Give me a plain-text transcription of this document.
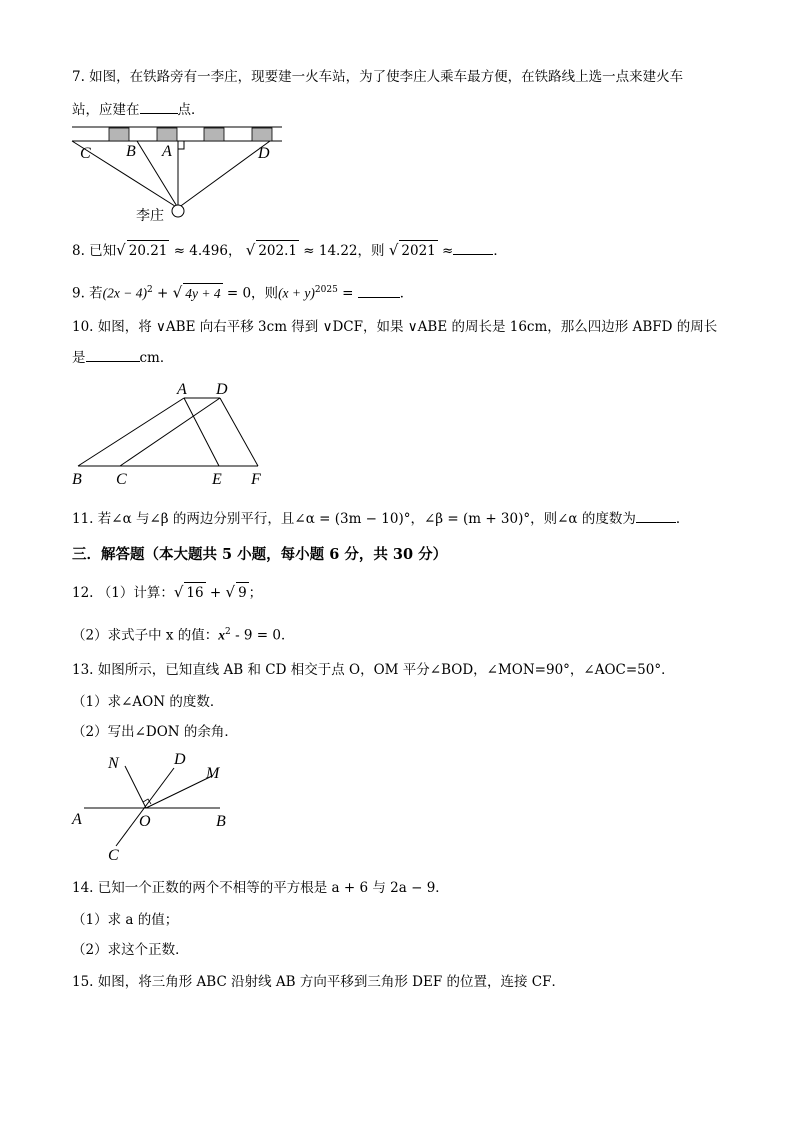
7. 如图，在铁路旁有一李庄，现要建一火车站，为了使李庄人乘车最方便，在铁路线上选一点来建火车
站，应建在	点．
C B A	D
李庄
8. 已知√ 20.21 ≈ 4.496， √ 202.1 ≈ 14.22，则 √ 2021 ≈	．
9. 若$(2x - 4)^2$ + √ 4y + 4 = 0，则$(x + y)^{2025}$ =	．
10. 如图，将 ∨ABE 向右平移 3cm 得到 ∨DCF，如果 ∨ABE 的周长是 16cm，那么四边形 ABFD 的周长
是	cm．
A D
B C	E F
11. 若∠α 与∠β 的两边分别平行，且∠α = (3m − 10)°，∠β = (m + 30)°，则∠α 的度数为	．
三．解答题（本大题共 5 小题，每小题 6 分，共 30 分）
12. （1）计算：√ 16 + √ 9 ；
（2）求式子中 x 的值：$x^2 - 9 = 0$．
13. 如图所示，已知直线 AB 和 CD 相交于点 O，OM 平分∠BOD，∠MON=90°，∠AOC=50°．
（1）求∠AON 的度数．
（2）写出∠DON 的余角．
N	D
M
A	O	B
C
14. 已知一个正数的两个不相等的平方根是 a + 6 与 2a − 9．
（1）求 a 的值；
（2）求这个正数．
15. 如图，将三角形 ABC 沿射线 AB 方向平移到三角形 DEF 的位置，连接 CF．
